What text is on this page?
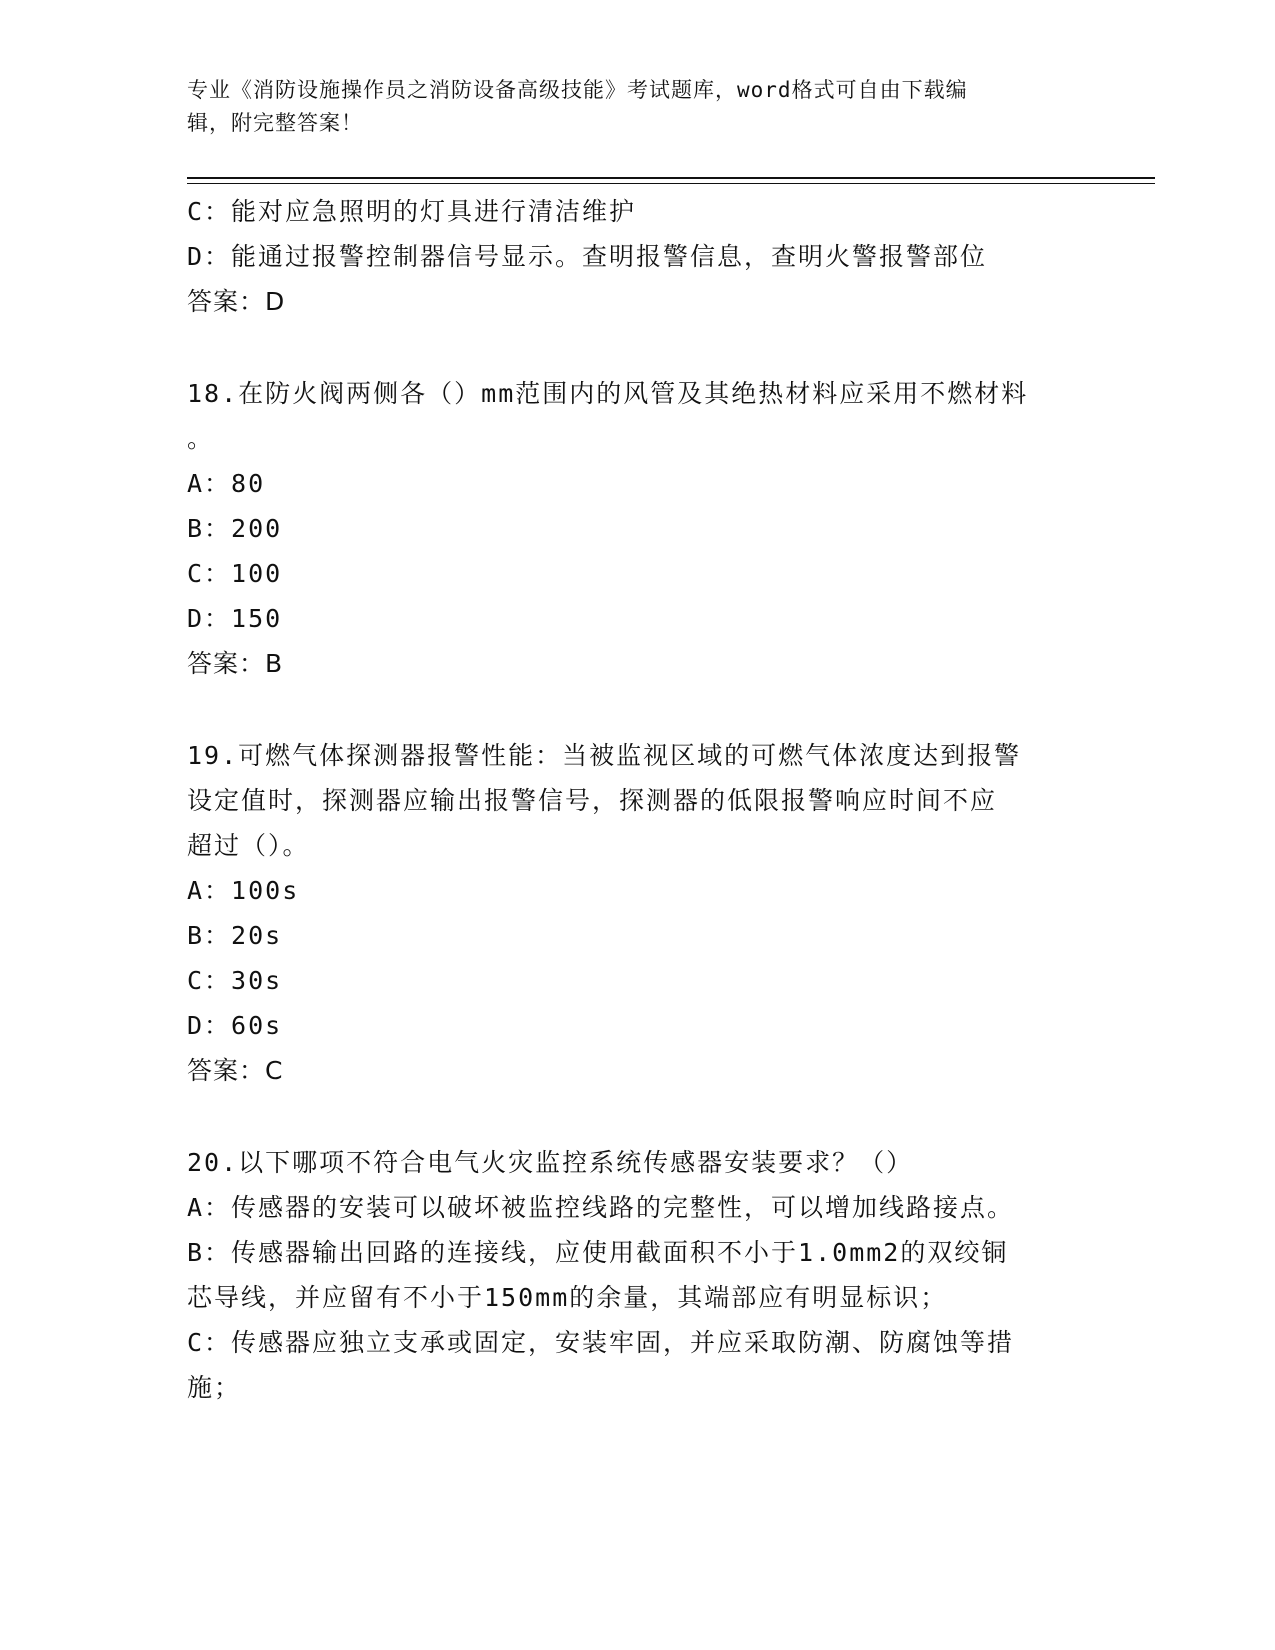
专业《消防设施操作员之消防设备高级技能》考试题库，word格式可自由下载编
辑，附完整答案！
C：能对应急照明的灯具进行清洁维护
D：能通过报警控制器信号显示。查明报警信息，查明火警报警部位
答案：D
18.在防火阀两侧各（）mm范围内的风管及其绝热材料应采用不燃材料
。
A：80
B：200
C：100
D：150
答案：B
19.可燃气体探测器报警性能：当被监视区域的可燃气体浓度达到报警
设定值时，探测器应输出报警信号，探测器的低限报警响应时间不应
超过（）。
A：100s
B：20s
C：30s
D：60s
答案：C
20.以下哪项不符合电气火灾监控系统传感器安装要求？（）
A：传感器的安装可以破坏被监控线路的完整性，可以增加线路接点。
B：传感器输出回路的连接线，应使用截面积不小于1.0mm2的双绞铜
芯导线，并应留有不小于150mm的余量，其端部应有明显标识；
C：传感器应独立支承或固定，安装牢固，并应采取防潮、防腐蚀等措
施；
